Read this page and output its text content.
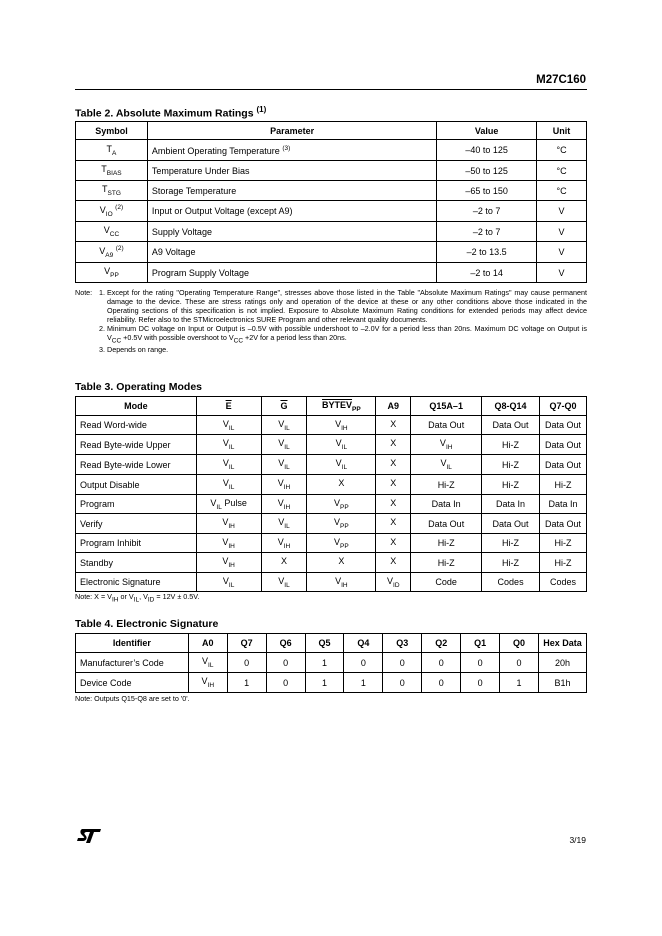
M27C160
Table 2. Absolute Maximum Ratings $^{(1)}$
Symbol	Parameter	Value	Unit
$T_A$	Ambient Operating Temperature $^{(3)}$	–40 to 125	°C
$T_{BIAS}$	Temperature Under Bias	–50 to 125	°C
$T_{STG}$	Storage Temperature	–65 to 150	°C
$V_{IO}$ $^{(2)}$	Input or Output Voltage (except A9)	–2 to 7	V
$V_{CC}$	Supply Voltage	–2 to 7	V
$V_{A9}$ $^{(2)}$	A9 Voltage	–2 to 13.5	V
$V_{PP}$	Program Supply Voltage	–2 to 14	V
Note: 1. Except for the rating "Operating Temperature Range", stresses above those listed in the Table "Absolute Maximum Ratings" may cause permanent damage to the device. These are stress ratings only and operation of the device at these or any other conditions above those indicated in the Operating sections of this specification is not implied. Exposure to Absolute Maximum Rating conditions for extended periods may affect device reliability. Refer also to the STMicroelectronics SURE Program and other relevant quality documents.
2. Minimum DC voltage on Input or Output is –0.5V with possible undershoot to –2.0V for a period less than 20ns. Maximum DC voltage on Output is $V_{CC} +0.5V$ with possible overshoot to $V_{CC} +2V$ for a period less than 20ns.
3. Depends on range.
Table 3. Operating Modes
Mode	$\overline{E}$	$\overline{G}$	$BYTEV_{PP}$	A9	Q15A–1	Q8-Q14	Q7-Q0
Read Word-wide	$V_{IL}$	$V_{IL}$	$V_{IH}$	X	Data Out	Data Out	Data Out
Read Byte-wide Upper	$V_{IL}$	$V_{IL}$	$V_{IL}$	X	$V_{IH}$	Hi-Z	Data Out
Read Byte-wide Lower	$V_{IL}$	$V_{IL}$	$V_{IL}$	X	$V_{IL}$	Hi-Z	Data Out
Output Disable	$V_{IL}$	$V_{IH}$	X	X	Hi-Z	Hi-Z	Hi-Z
Program	$V_{IL}$ Pulse	$V_{IH}$	$V_{PP}$	X	Data In	Data In	Data In
Verify	$V_{IH}$	$V_{IL}$	$V_{PP}$	X	Data Out	Data Out	Data Out
Program Inhibit	$V_{IH}$	$V_{IH}$	$V_{PP}$	X	Hi-Z	Hi-Z	Hi-Z
Standby	$V_{IH}$	X	X	X	Hi-Z	Hi-Z	Hi-Z
Electronic Signature	$V_{IL}$	$V_{IL}$	$V_{IH}$	$V_{ID}$	Code	Codes	Codes
Note: $X = V_{IH}$ or $V_{IL}$, $V_{ID} = 12V \pm 0.5V$.
Table 4. Electronic Signature
Identifier	A0	Q7	Q6	Q5	Q4	Q3	Q2	Q1	Q0	Hex Data
Manufacturer’s Code	$V_{IL}$	0	0	1	0	0	0	0	0	20h
Device Code	$V_{IH}$	1	0	1	1	0	0	0	1	B1h
Note: Outputs Q15-Q8 are set to '0'.
3/19
